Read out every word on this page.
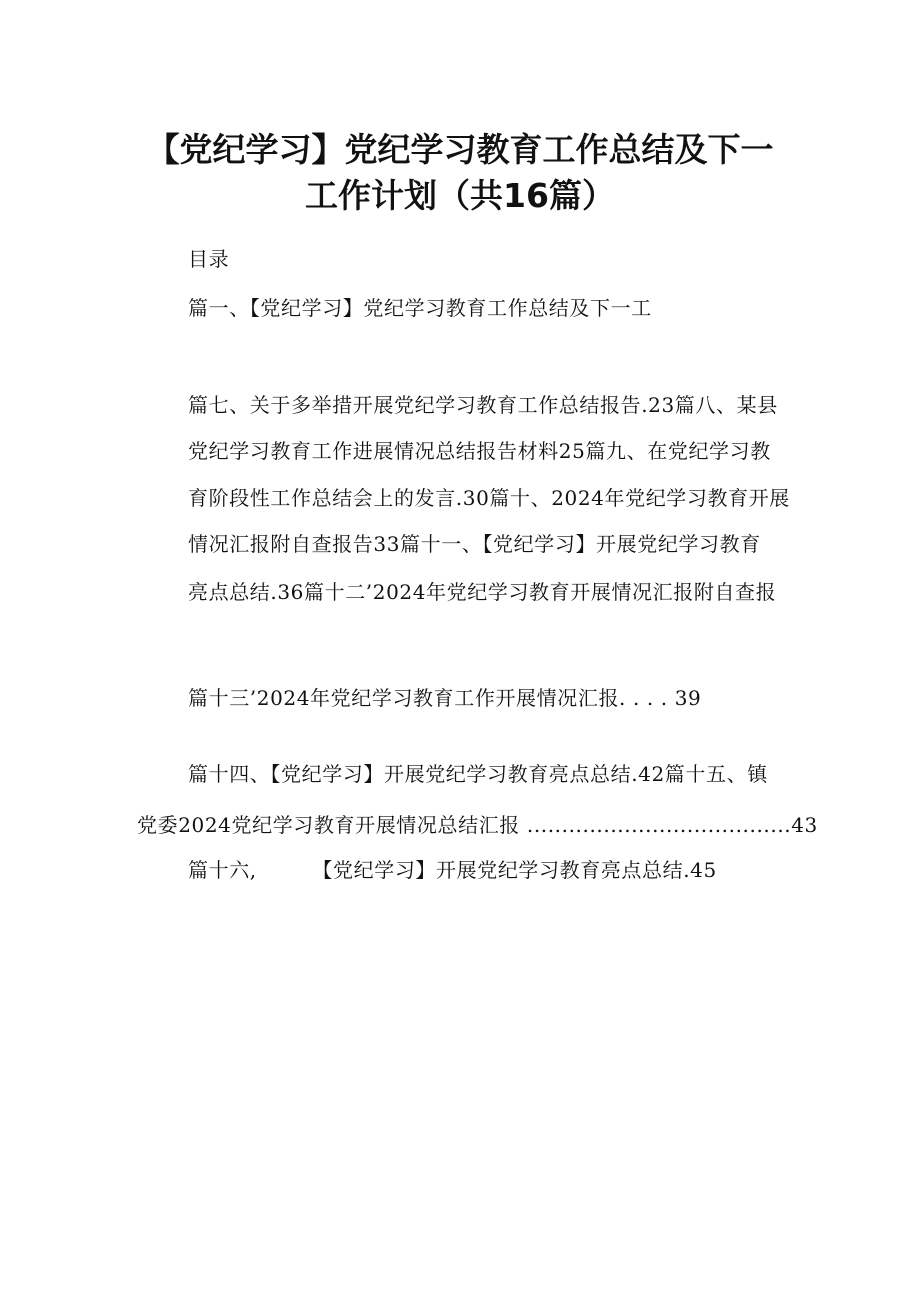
【党纪学习】党纪学习教育工作总结及下一
工作计划（共16篇）
目录
篇一、【党纪学习】党纪学习教育工作总结及下一工
篇七、关于多举措开展党纪学习教育工作总结报告.23篇八、某县
党纪学习教育工作进展情况总结报告材料25篇九、在党纪学习教
育阶段性工作总结会上的发言.30篇十、2024年党纪学习教育开展
情况汇报附自查报告33篇十一、【党纪学习】开展党纪学习教育
亮点总结.36篇十二’2024年党纪学习教育开展情况汇报附自查报
篇十三’2024年党纪学习教育工作开展情况汇报. . . . 39
篇十四、【党纪学习】开展党纪学习教育亮点总结.42篇十五、镇
党委2024党纪学习教育开展情况总结汇报 ......................................43
篇十六,        【党纪学习】开展党纪学习教育亮点总结.45
